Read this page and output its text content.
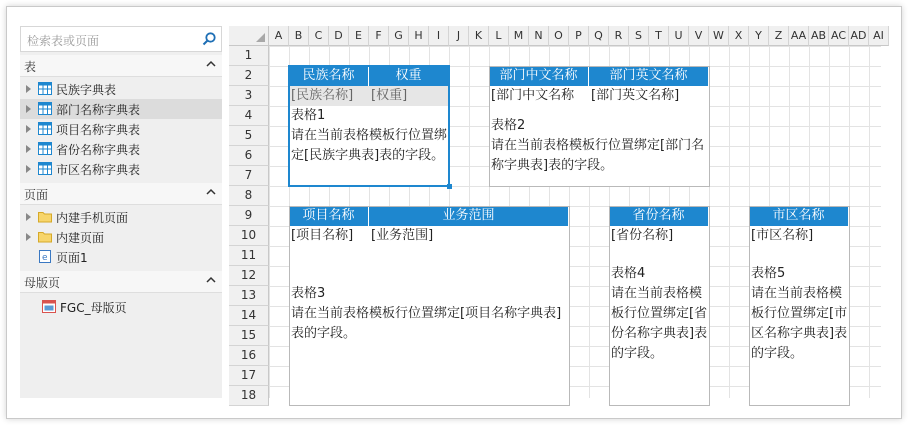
检索表或页面
表
民族字典表
部门名称字典表
项目名称字典表
省份名称字典表
市区名称字典表
页面
内建手机页面
内建页面
e 页面1
母版页
FGC_母版页
A	B	C	D	E	F	G	H	I	J	K	L	M	N	O	P	Q	R	S	T	U	V W X	Y	Z AA AB AC AD AI
1
2
3
4
5
6
7
8
9
10
11
12
13
14
15
16
17
18
民族名称	权重
[民族名称]	[权重]
表格1
请在当前表格模板行位置绑定[民族字典表]表的字段。
部门中文名称	部门英文名称
[部门中文名称	[部门英文名称]
表格2
请在当前表格模板行位置绑定[部门名称字典表]表的字段。
项目名称	业务范围
[项目名称]	[业务范围]
表格3
请在当前表格模板行位置绑定[项目名称字典表]表的字段。
省份名称
[省份名称]
表格4
请在当前表格模板行位置绑定[省份名称字典表]表的字段。
市区名称
[市区名称]
表格5
请在当前表格模板行位置绑定[市区名称字典表]表的字段。
